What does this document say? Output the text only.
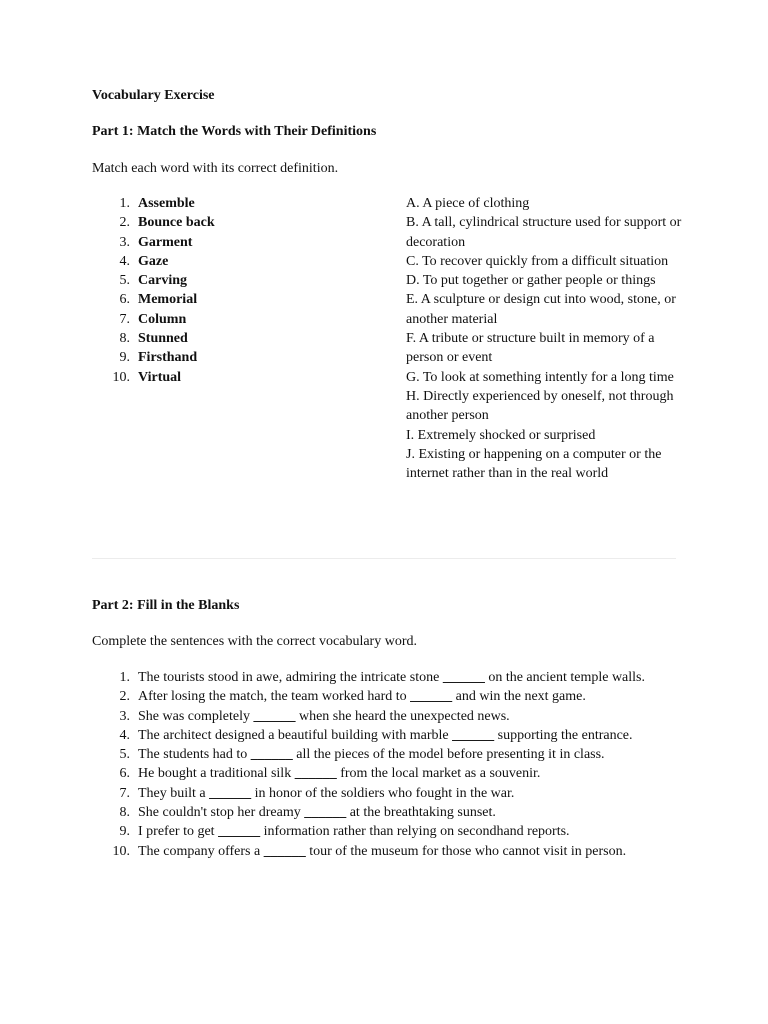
Vocabulary Exercise
Part 1: Match the Words with Their Definitions
Match each word with its correct definition.
1. Assemble
2. Bounce back
3. Garment
4. Gaze
5. Carving
6. Memorial
7. Column
8. Stunned
9. Firsthand
10. Virtual
A. A piece of clothing
B. A tall, cylindrical structure used for support or decoration
C. To recover quickly from a difficult situation
D. To put together or gather people or things
E. A sculpture or design cut into wood, stone, or another material
F. A tribute or structure built in memory of a person or event
G. To look at something intently for a long time
H. Directly experienced by oneself, not through another person
I. Extremely shocked or surprised
J. Existing or happening on a computer or the internet rather than in the real world
Part 2: Fill in the Blanks
Complete the sentences with the correct vocabulary word.
1. The tourists stood in awe, admiring the intricate stone ______ on the ancient temple walls.
2. After losing the match, the team worked hard to ______ and win the next game.
3. She was completely ______ when she heard the unexpected news.
4. The architect designed a beautiful building with marble ______ supporting the entrance.
5. The students had to ______ all the pieces of the model before presenting it in class.
6. He bought a traditional silk ______ from the local market as a souvenir.
7. They built a ______ in honor of the soldiers who fought in the war.
8. She couldn't stop her dreamy ______ at the breathtaking sunset.
9. I prefer to get ______ information rather than relying on secondhand reports.
10. The company offers a ______ tour of the museum for those who cannot visit in person.
